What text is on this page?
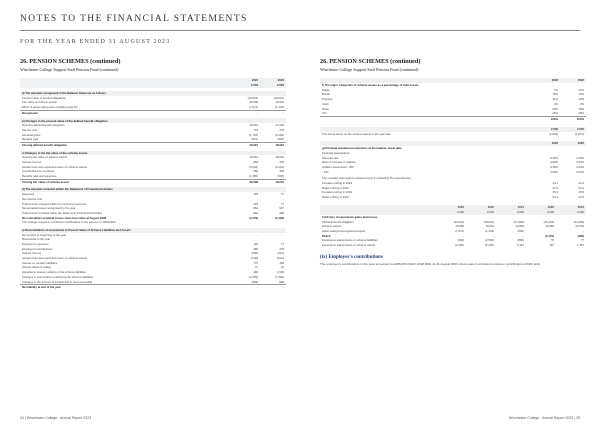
NOTES TO THE FINANCIAL STATEMENTS
FOR THE YEAR ENDED 31 AUGUST 2023
26. PENSION SCHEMES (continued)
Winchester College Support Staff Pension Fund (continued)
	2023	2022
	£'000	£'000

a) The amounts recognised in the Balance Sheet are as follows		
Present value of funded obligations	(19,524)	(18,901)
Fair value of scheme assets	26,598	19,644
Effect of asset ceiling (see condition) and SC	(7,074)	(1,133)
Net pension	-	-

b) Changes in the present value of the defined benefit obligation		
Opening defined benefit obligation	18,901	27,000
Service cost	779	478
Actuarial gains	(1,794)	(9,400)
Benefits paid	(597)	(822)
Closing defined benefit obligation	19,524	18,901

c) Changes in the fair value of the scheme assets		
Opening fair value of scheme assets	19,644	19,844
Interest income	848	355
Actual return less expected return on scheme assets	(3,542)	(2,023)
Contributions by employer	386	318
Benefits paid and expenses	(1,385)	(508)
Closing fair value of scheme assets	26,598	19,644

d) The amounts included within the Statement of Financial Activities		
Expenses	129	77
Net interest cost	-	-
Total amount charged within net incoming resources	129	77
Net actuarial losses recognised by the year	962	937
Total amount included within the Statement of Financial Activities	966	986
Net cumulative actuarial losses since true value at August 2006	(4,779)	(3,193)
The College expects to contribute contributions to the scheme in 2023/2024		

e) Reconciliation of movements in Present Value of Scheme Liabilities and Assets		
Net surplus at beginning of the year	-	-
Movements in the year		
Employer's expenses	129	77
Employer's contributions	386	278
Interest income	(848)	(413)
Actual return less expected return on scheme assets	2,990	8,222
Interest on pension liabilities	775	408
Interest effect of ceiling	70	(1)
Experience (losses) arising on the scheme liabilities	490	1,590
Changes in assumptions underlying the scheme liabilities	(2,283)	(7,600)
Changes in the amount of surplus that is not recoverable	(589)	808
Net liability at end of the year	-	-
26. PENSION SCHEMES (continued)
Winchester College Support Staff Pension Fund (continued)
	2023	2022
f) The major categories of scheme assets as a percentage of total assets		
Equity	7%	22%
Bonds	15%	19%
Property	11%	10%
Cash	3%	3%
Other	39%	18%
LDI	25%	28%
	100%	100%
	£'000	£'000
The actual return on the scheme assets in the year was	(2,694)	(1,872)
	2023	2022
g) Principal actuarial assumptions at the balance sheet date		
Financial assumptions		
Discount rate	5.45%	4.15%
Rate of increase in salaries	3.90%	3.90%
Inflation assumption - RPI	3.18%	3.44%
- CPI	2.90%	3.03%
The mortality assumptions adopted imply the following life expectancies		
Females retiring in 2023	24.1	24.4
Males retiring in 2023	21.9	22.2
Females retiring in 2043	25.4	25.9
Males retiring in 2043	23.1	23.5
	2023	2022	2021	2020	2019
	£'000	£'000	£'000	£'000	£'000
h) History of experience gains and losses					
Defined benefit obligation	(19,524)	(18,901)	(27,000)	(25,194)	(24,339)
Scheme assets	26,598	19,644	19,893	20,984	20,030
Asset ceiling/unrecognised surplus	(7,074)	(1,133)	(806)	-	-
Deficit	-	-	-	(3,175)	(982)
Experience adjustments on scheme liabilities	(490)	(2,590)	(800)	70	77
Experience adjustments on scheme assets	(2,994)	(6,292)	3,467	187	1,387
(ix) Employer's contributions
The employer's contributions in the year amounted to £386,000 (2022: £318,000). At 31 August 2023, there were 2 unfunded pensioner contributions (2022: £nil).
24 | Winchester College - Annual Report 2023	Winchester College - Annual Report 2023 | 25
